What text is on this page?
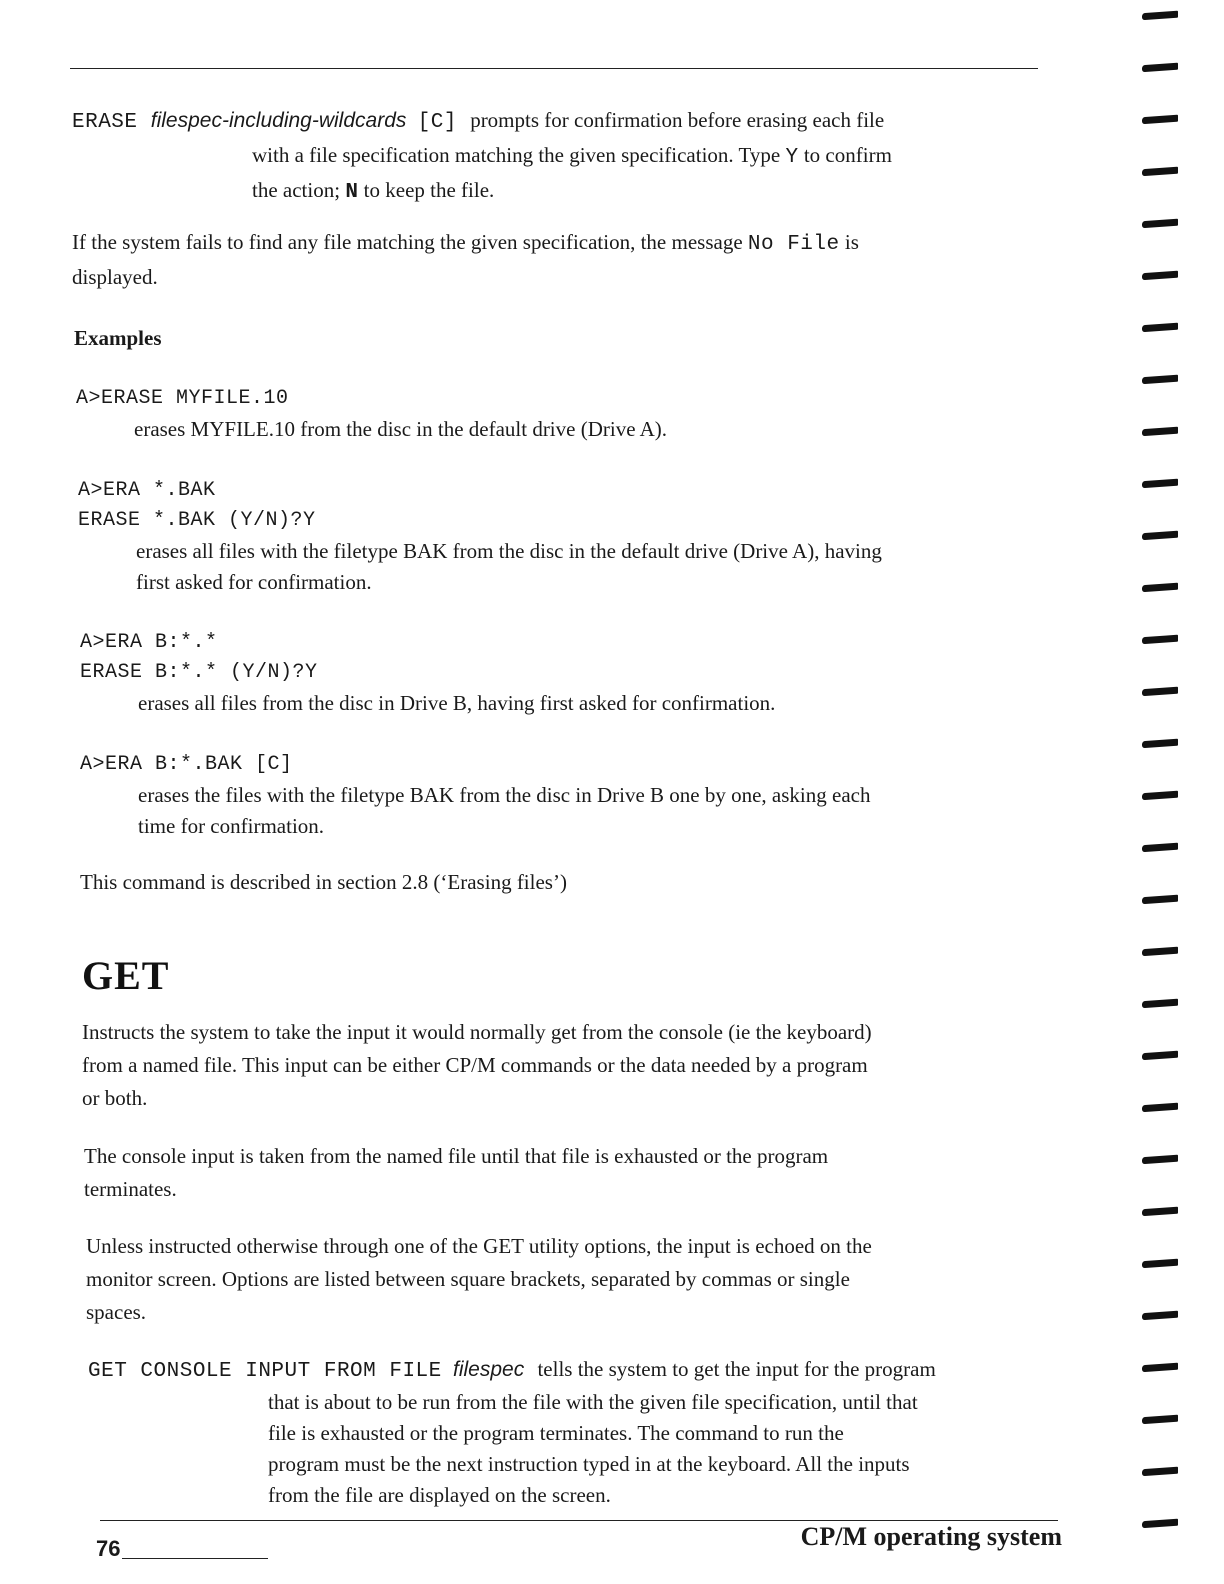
ERASE filespec-including-wildcards [C] prompts for confirmation before erasing each file
with a file specification matching the given specification. Type Y to confirm
the action; N to keep the file.
If the system fails to find any file matching the given specification, the message No File is
displayed.
Examples
A>ERASE MYFILE.10
erases MYFILE.10 from the disc in the default drive (Drive A).
A>ERA *.BAK
ERASE *.BAK (Y/N)?Y
erases all files with the filetype BAK from the disc in the default drive (Drive A), having
first asked for confirmation.
A>ERA B:*.*
ERASE B:*.* (Y/N)?Y
erases all files from the disc in Drive B, having first asked for confirmation.
A>ERA B:*.BAK [C]
erases the files with the filetype BAK from the disc in Drive B one by one, asking each
time for confirmation.
This command is described in section 2.8 (‘Erasing files’)
GET
Instructs the system to take the input it would normally get from the console (ie the keyboard)
from a named file. This input can be either CP/M commands or the data needed by a program
or both.
The console input is taken from the named file until that file is exhausted or the program
terminates.
Unless instructed otherwise through one of the GET utility options, the input is echoed on the
monitor screen. Options are listed between square brackets, separated by commas or single
spaces.
GET CONSOLE INPUT FROM FILE filespec tells the system to get the input for the program
that is about to be run from the file with the given file specification, until that
file is exhausted or the program terminates. The command to run the
program must be the next instruction typed in at the keyboard. All the inputs
from the file are displayed on the screen.
76	CP/M operating system
